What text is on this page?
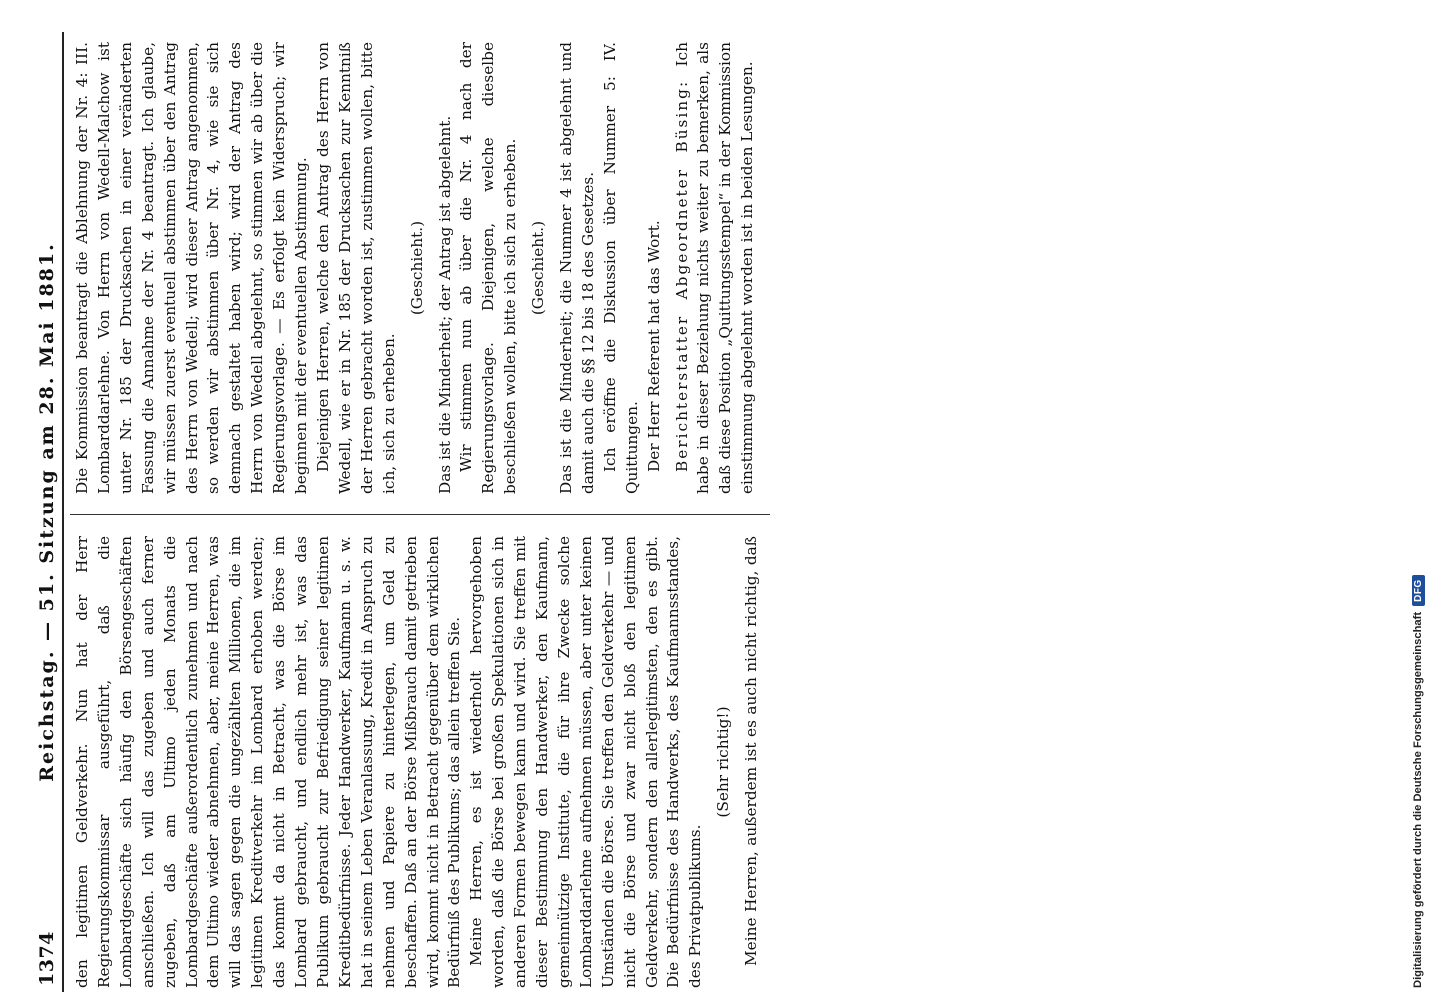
1374
Reichstag. — 51. Sitzung am 28. Mai 1881. den legitimen Geldverkehr. Nun hat der Herr Regierungskommissar ausgeführt, daß die Lombardgeschäfte sich häufig den Börsengeschäften anschließen. Ich will das zugeben und auch ferner zugeben, daß am Ultimo jeden Monats die Lombardgeschäfte außerordentlich zunehmen und nach dem Ultimo wieder abnehmen, aber, meine Herren, was will das sagen gegen die ungezählten Millionen, die im legitimen Kreditverkehr im Lombard erhoben werden; das kommt da nicht in Betracht, was die Börse im Lombard gebraucht, und endlich mehr ist, was das Publikum gebraucht zur Befriedigung seiner legitimen Kreditbedürfnisse. Jeder Handwerker, Kaufmann u. s. w. hat in seinem Leben Veranlassung, Kredit in Anspruch zu nehmen und Papiere zu hinterlegen, um Geld zu beschaffen. Daß an der Börse Mißbrauch damit getrieben wird, kommt nicht in Betracht gegenüber dem wirklichen Bedürfniß des Publikums; das allein treffen Sie. Meine Herren, es ist wiederholt hervorgehoben worden, daß die Börse bei großen Spekulationen sich in anderen Formen bewegen kann und wird. Sie treffen mit dieser Bestimmung den Handwerker, den Kaufmann, gemeinnützige Institute, die für ihre Zwecke solche Lombarddarlehne aufnehmen müssen, aber unter keinen Umständen die Börse. Sie treffen den Geldverkehr — und nicht die Börse und zwar nicht bloß den legitimen Geldverkehr, sondern den allerlegitimsten, den es gibt. Die Bedürfnisse des Handwerks, des Kaufmannsstandes, des Privatpublikums.

(Sehr richtig!)

Meine Herren, außerdem ist es auch nicht richtig, daß

Die Kommission beantragt die Ablehnung der Nr. 4: III. Lombarddarlehne. Von Herrn von Wedell-Malchow ist unter Nr. 185 der Drucksachen in einer veränderten Fassung die Annahme der Nr. 4 beantragt. Ich glaube, wir müssen zuerst eventuell abstimmen über den Antrag des Herrn von Wedell; wird dieser Antrag angenommen, so werden wir abstimmen über Nr. 4, wie sie sich demnach gestaltet haben wird; wird der Antrag des Herrn von Wedell abgelehnt, so stimmen wir ab über die Regierungsvorlage. — Es erfolgt kein Widerspruch; wir beginnen mit der eventuellen Abstimmung. Diejenigen Herren, welche den Antrag des Herrn von Wedell, wie er in Nr. 185 der Drucksachen zur Kenntniß der Herren gebracht worden ist, zustimmen wollen, bitte ich, sich zu erheben.

(Geschieht.) Das ist die Minderheit; der Antrag ist abgelehnt. Wir stimmen nun ab über die Nr. 4 nach der Regierungsvorlage. Diejenigen, welche dieselbe beschließen wollen, bitte ich sich zu erheben. (Geschieht.) Das ist die Minderheit; die Nummer 4 ist abgelehnt und damit auch die §§ 12 bis 18 des Gesetzes. Ich eröffne die Diskussion über Nummer 5: IV. Quittungen. Der Herr Referent hat das Wort. Berichterstatter Abgeordneter Büsing: Ich habe in dieser Beziehung nichts weiter zu bemerken, als daß diese Position „Quittungsstempel“ in der Kommission einstimmung abgelehnt worden ist in beiden Lesungen.

Digitalisierung gefördert durch die Deutsche Forschungsgemeinschaft
DFG
